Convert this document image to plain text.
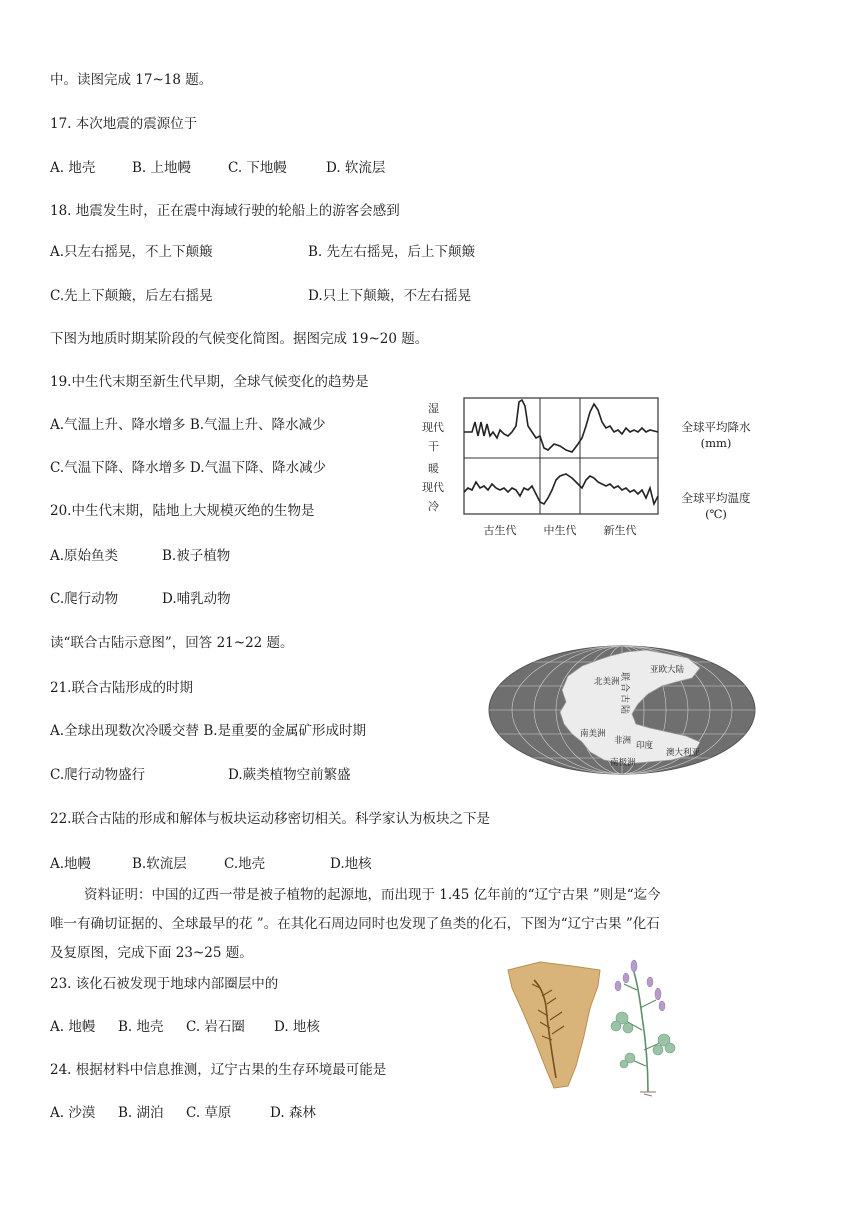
中。读图完成 17~18 题。
17. 本次地震的震源位于
A. 地壳	B. 上地幔	C. 下地幔	D. 软流层
18. 地震发生时，正在震中海域行驶的轮船上的游客会感到
A.只左右摇晃，不上下颠簸	B. 先左右摇晃，后上下颠簸
C.先上下颠簸，后左右摇晃	D.只上下颠簸，不左右摇晃
下图为地质时期某阶段的气候变化简图。据图完成 19~20 题。
19.中生代末期至新生代早期，全球气候变化的趋势是
A.气温上升、降水增多 B.气温上升、降水减少
C.气温下降、降水增多 D.气温下降、降水减少
20.中生代末期，陆地上大规模灭绝的生物是
A.原始鱼类	B.被子植物
C.爬行动物	D.哺乳动物
读“联合古陆示意图”，回答 21~22 题。
21.联合古陆形成的时期
A.全球出现数次冷暖交替 B.是重要的金属矿形成时期
C.爬行动物盛行	D.蕨类植物空前繁盛
22.联合古陆的形成和解体与板块运动移密切相关。科学家认为板块之下是
A.地幔	B.软流层	C.地壳	D.地核
资料证明：中国的辽西一带是被子植物的起源地，而出现于 1.45 亿年前的“辽宁古果 ”则是“迄今
唯一有确切证据的、全球最早的花 ”。在其化石周边同时也发现了鱼类的化石，下图为“辽宁古果 ”化石
及复原图，完成下面 23~25 题。
23. 该化石被发现于地球内部圈层中的
A. 地幔 B. 地壳 C. 岩石圈 D. 地核
24. 根据材料中信息推测，辽宁古果的生存环境最可能是
A. 沙漠 B. 湖泊 C. 草原	D. 森林
湿
现代
干
暖
现代
冷
古生代 中生代 新生代
全球平均降水
(mm)
全球平均温度
(℃)
北美洲
亚欧大陆
联合古陆
南美洲
非洲 印度
澳大利亚
南极洲
